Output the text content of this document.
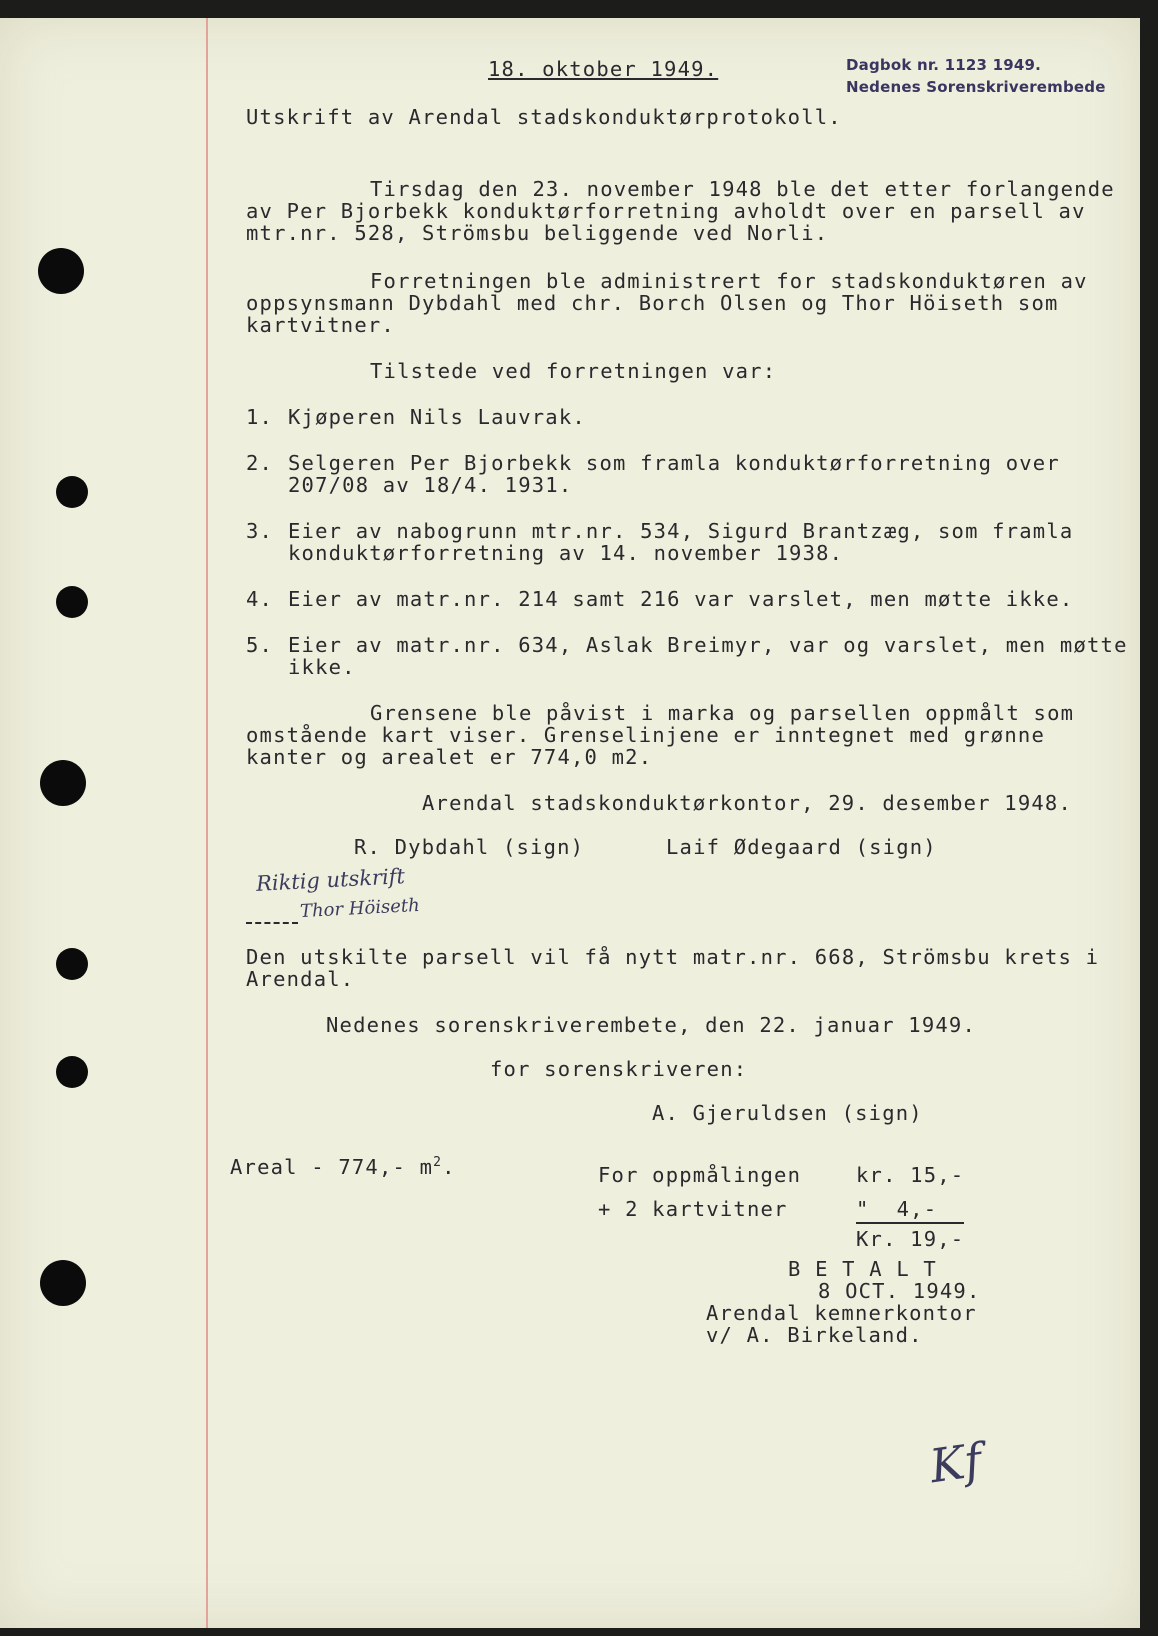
18. oktober 1949.	Dagbok nr. 1123 1949.
Nedenes Sorenskriverembede
Utskrift av Arendal stadskonduktørprotokoll.
Tirsdag den 23. november 1948 ble det etter forlangende
av Per Bjorbekk konduktørforretning avholdt over en parsell av
mtr.nr. 528, Strömsbu beliggende ved Norli.
Forretningen ble administrert for stadskonduktøren av
oppsynsmann Dybdahl med chr. Borch Olsen og Thor Höiseth som
kartvitner.
Tilstede ved forretningen var:
1. Kjøperen Nils Lauvrak.
2. Selgeren Per Bjorbekk som framla konduktørforretning over
207/08 av 18/4. 1931.
3. Eier av nabogrunn mtr.nr. 534, Sigurd Brantzæg, som framla
konduktørforretning av 14. november 1938.
4. Eier av matr.nr. 214 samt 216 var varslet, men møtte ikke.
5. Eier av matr.nr. 634, Aslak Breimyr, var og varslet, men møtte
ikke.
Grensene ble påvist i marka og parsellen oppmålt som
omstående kart viser. Grenselinjene er inntegnet med grønne
kanter og arealet er 774,0 m2.
Arendal stadskonduktørkontor, 29. desember 1948.
R. Dybdahl (sign)	Laif Ødegaard (sign)
Riktig utskrift
Thor Höiseth
Den utskilte parsell vil få nytt matr.nr. 668, Strömsbu krets i
Arendal.
Nedenes sorenskriverembete, den 22. januar 1949.
for sorenskriveren:
A. Gjeruldsen (sign)
Areal - 774,- $m^2$.	For oppmålingen	kr. 15,-
+ 2 kartvitner	"  4,-
Kr. 19,-
B E T A L T
8 OCT. 1949.
Arendal kemnerkontor
v/ A. Birkeland.
Kf
